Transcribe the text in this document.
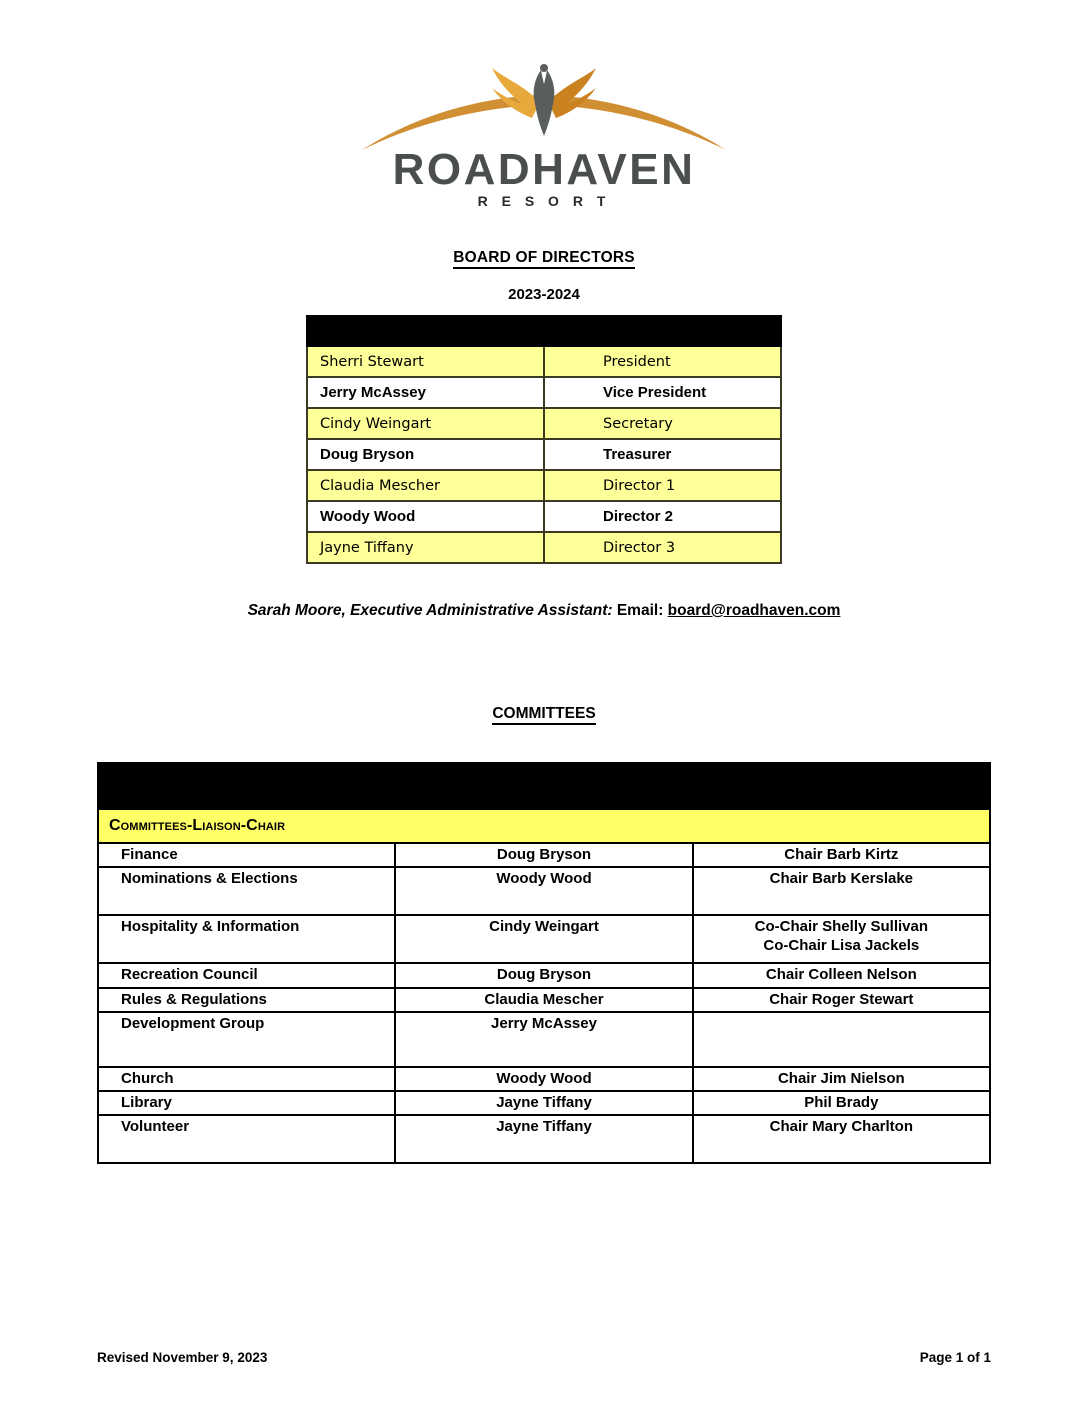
ROADHAVEN
R E S O R T
BOARD OF DIRECTORS
2023-2024

Sherri Stewart	President
Jerry McAssey	Vice President
Cindy Weingart	Secretary
Doug Bryson	Treasurer
Claudia Mescher	Director 1
Woody Wood	Director 2
Jayne Tiffany	Director 3
Sarah Moore, Executive Administrative Assistant: Email: board@roadhaven.com
COMMITTEES

Committees-Liaison-Chair		
Finance	Doug Bryson	Chair Barb Kirtz
Nominations & Elections	Woody Wood	Chair Barb Kerslake
Hospitality & Information	Cindy Weingart	Co-Chair Shelly Sullivan
Co-Chair Lisa Jackels
Recreation Council	Doug Bryson	Chair Colleen Nelson
Rules & Regulations	Claudia Mescher	Chair Roger Stewart
Development Group	Jerry McAssey	
Church	Woody Wood	Chair Jim Nielson
Library	Jayne Tiffany	Phil Brady
Volunteer	Jayne Tiffany	Chair Mary Charlton
Revised November 9, 2023	Page 1 of 1
